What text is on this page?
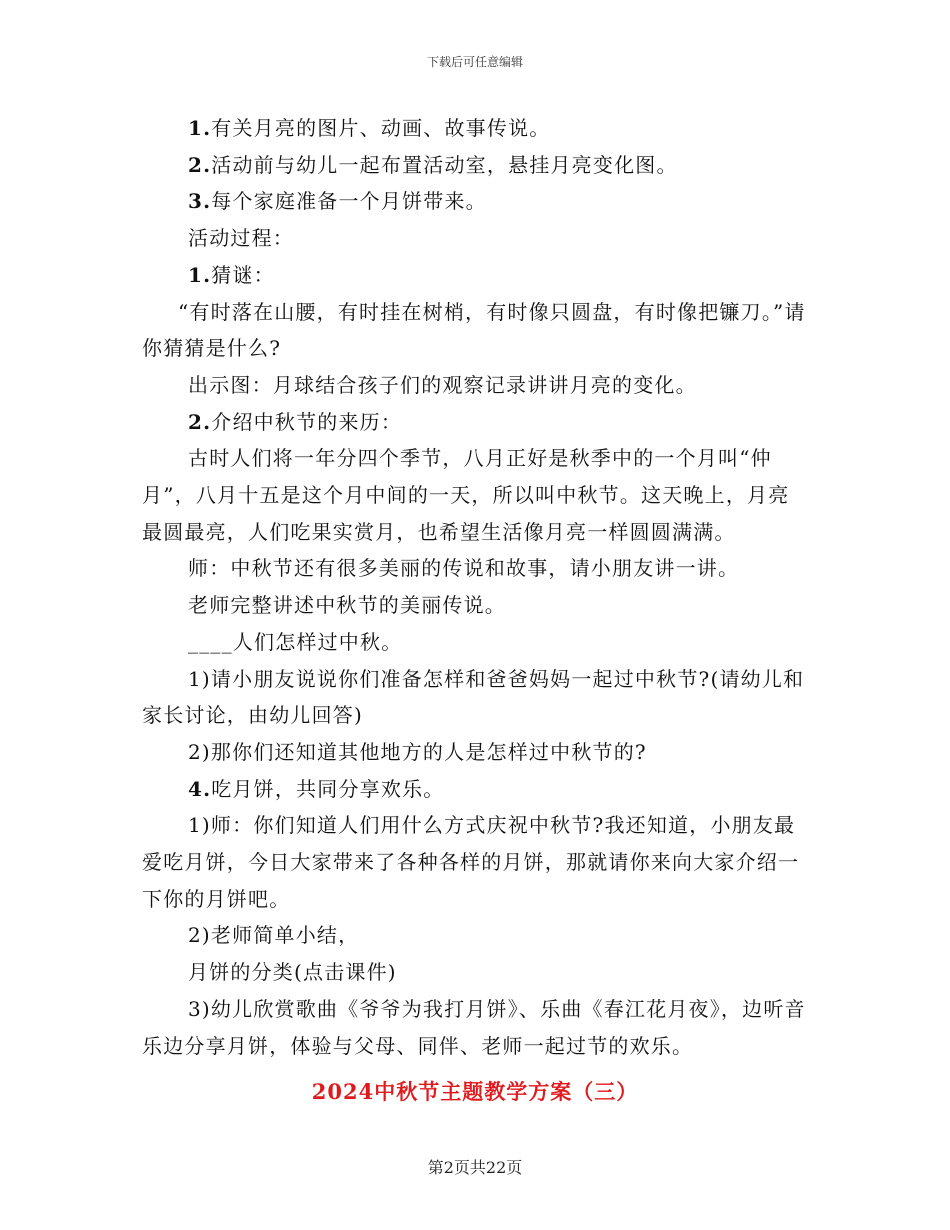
下载后可任意编辑

1.有关月亮的图片、动画、故事传说。

2.活动前与幼儿一起布置活动室，悬挂月亮变化图。

3.每个家庭准备一个月饼带来。

活动过程：

1.猜谜：

“有时落在山腰，有时挂在树梢，有时像只圆盘，有时像把镰刀。”请你猜猜是什么?

出示图：月球结合孩子们的观察记录讲讲月亮的变化。

2.介绍中秋节的来历：

古时人们将一年分四个季节，八月正好是秋季中的一个月叫“仲月”，八月十五是这个月中间的一天，所以叫中秋节。这天晚上，月亮最圆最亮，人们吃果实赏月，也希望生活像月亮一样圆圆满满。

师：中秋节还有很多美丽的传说和故事，请小朋友讲一讲。

老师完整讲述中秋节的美丽传说。

____人们怎样过中秋。

1)请小朋友说说你们准备怎样和爸爸妈妈一起过中秋节?(请幼儿和家长讨论，由幼儿回答)

2)那你们还知道其他地方的人是怎样过中秋节的?

4.吃月饼，共同分享欢乐。

1)师：你们知道人们用什么方式庆祝中秋节?我还知道，小朋友最爱吃月饼，今日大家带来了各种各样的月饼，那就请你来向大家介绍一下你的月饼吧。

2)老师简单小结，

月饼的分类(点击课件)

3)幼儿欣赏歌曲《爷爷为我打月饼》、乐曲《春江花月夜》，边听音乐边分享月饼，体验与父母、同伴、老师一起过节的欢乐。

2024中秋节主题教学方案（三）
第2页共22页
